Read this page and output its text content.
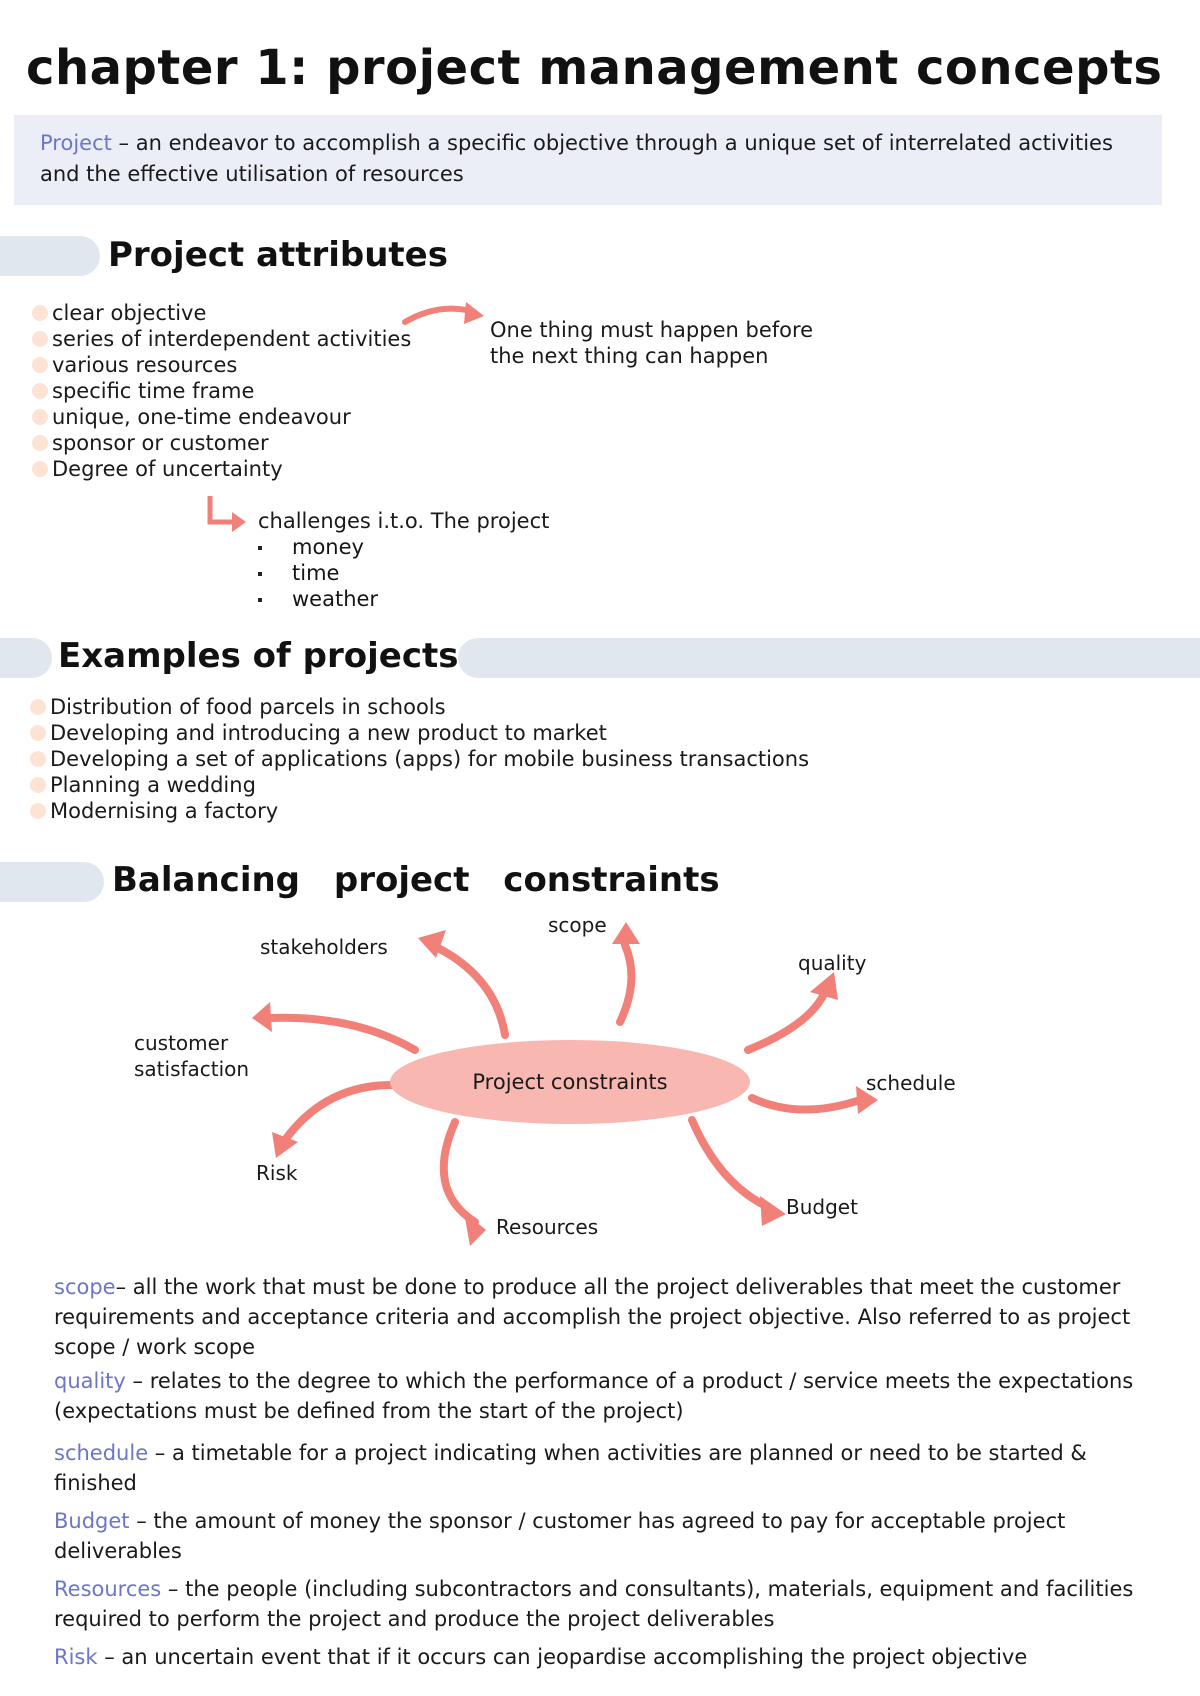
chapter 1: project management concepts
Project – an endeavor to accomplish a specific objective through a unique set of interrelated activities and the effective utilisation of resources
Project attributes
clear objective
series of interdependent activities
various resources
specific time frame
unique, one-time endeavour
sponsor or customer
Degree of uncertainty
One thing must happen before
the next thing can happen
challenges i.t.o. The project
money
time
weather
Examples of projects
Distribution of food parcels in schools
Developing and introducing a new product to market
Developing a set of applications (apps) for mobile business transactions
Planning a wedding
Modernising a factory
Balancing project constraints
Project constraints
stakeholders
scope
quality
customer
satisfaction
schedule
Risk
Budget
Resources
scope– all the work that must be done to produce all the project deliverables that meet the customer requirements and acceptance criteria and accomplish the project objective. Also referred to as project scope / work scope
quality – relates to the degree to which the performance of a product / service meets the expectations (expectations must be defined from the start of the project)
schedule – a timetable for a project indicating when activities are planned or need to be started & finished
Budget – the amount of money the sponsor / customer has agreed to pay for acceptable project deliverables
Resources – the people (including subcontractors and consultants), materials, equipment and facilities required to perform the project and produce the project deliverables
Risk – an uncertain event that if it occurs can jeopardise accomplishing the project objective
